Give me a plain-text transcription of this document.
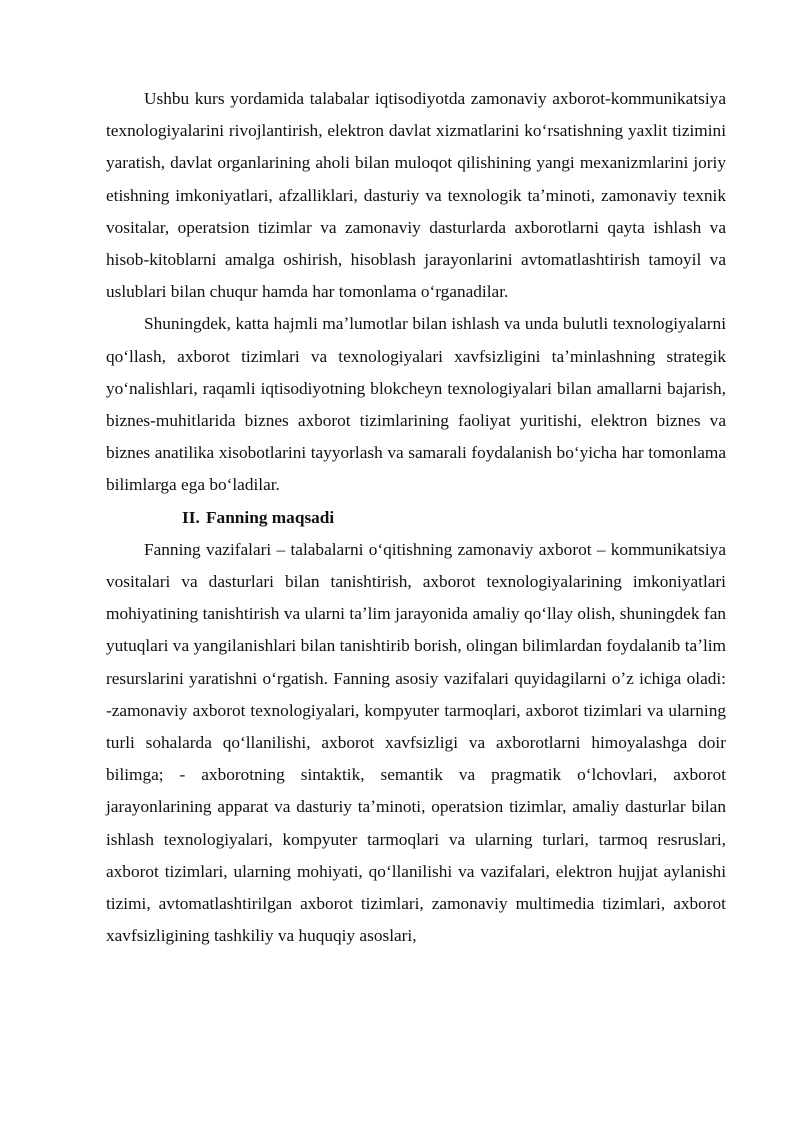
Ushbu kurs yordamida talabalar iqtisodiyotda zamonaviy axborot-kommunikatsiya texnologiyalarini rivojlantirish, elektron davlat xizmatlarini koʻrsatishning yaxlit tizimini yaratish, davlat organlarining aholi bilan muloqot qilishining yangi mexanizmlarini joriy etishning imkoniyatlari, afzalliklari, dasturiy va texnologik taʼminoti, zamonaviy texnik vositalar, operatsion tizimlar va zamonaviy dasturlarda axborotlarni qayta ishlash va hisob-kitoblarni amalga oshirish, hisoblash jarayonlarini avtomatlashtirish tamoyil va uslublari bilan chuqur hamda har tomonlama oʻrganadilar.

Shuningdek, katta hajmli maʼlumotlar bilan ishlash va unda bulutli texnologiyalarni qoʻllash, axborot tizimlari va texnologiyalari xavfsizligini taʼminlashning strategik yoʻnalishlari, raqamli iqtisodiyotning blokcheyn texnologiyalari bilan amallarni bajarish, biznes-muhitlarida biznes axborot tizimlarining faoliyat yuritishi, elektron biznes va biznes anatilika xisobotlarini tayyorlash va samarali foydalanish boʻyicha har tomonlama bilimlarga ega boʻladilar.

II. Fanning maqsadi

Fanning vazifalari – talabalarni oʻqitishning zamonaviy axborot – kommunikatsiya vositalari va dasturlari bilan tanishtirish, axborot texnologiyalarining imkoniyatlari mohiyatining tanishtirish va ularni taʼlim jarayonida amaliy qoʻllay olish, shuningdek fan yutuqlari va yangilanishlari bilan tanishtirib borish, olingan bilimlardan foydalanib taʼlim resurslarini yaratishni oʻrgatish. Fanning asosiy vazifalari quyidagilarni oʼz ichiga oladi: -zamonaviy axborot texnologiyalari, kompyuter tarmoqlari, axborot tizimlari va ularning turli sohalarda qoʻllanilishi, axborot xavfsizligi va axborotlarni himoyalashga doir bilimga; - axborotning sintaktik, semantik va pragmatik oʻlchovlari, axborot jarayonlarining apparat va dasturiy taʼminoti, operatsion tizimlar, amaliy dasturlar bilan ishlash texnologiyalari, kompyuter tarmoqlari va ularning turlari, tarmoq resruslari, axborot tizimlari, ularning mohiyati, qoʻllanilishi va vazifalari, elektron hujjat aylanishi tizimi, avtomatlashtirilgan axborot tizimlari, zamonaviy multimedia tizimlari, axborot xavfsizligining tashkiliy va huquqiy asoslari,
